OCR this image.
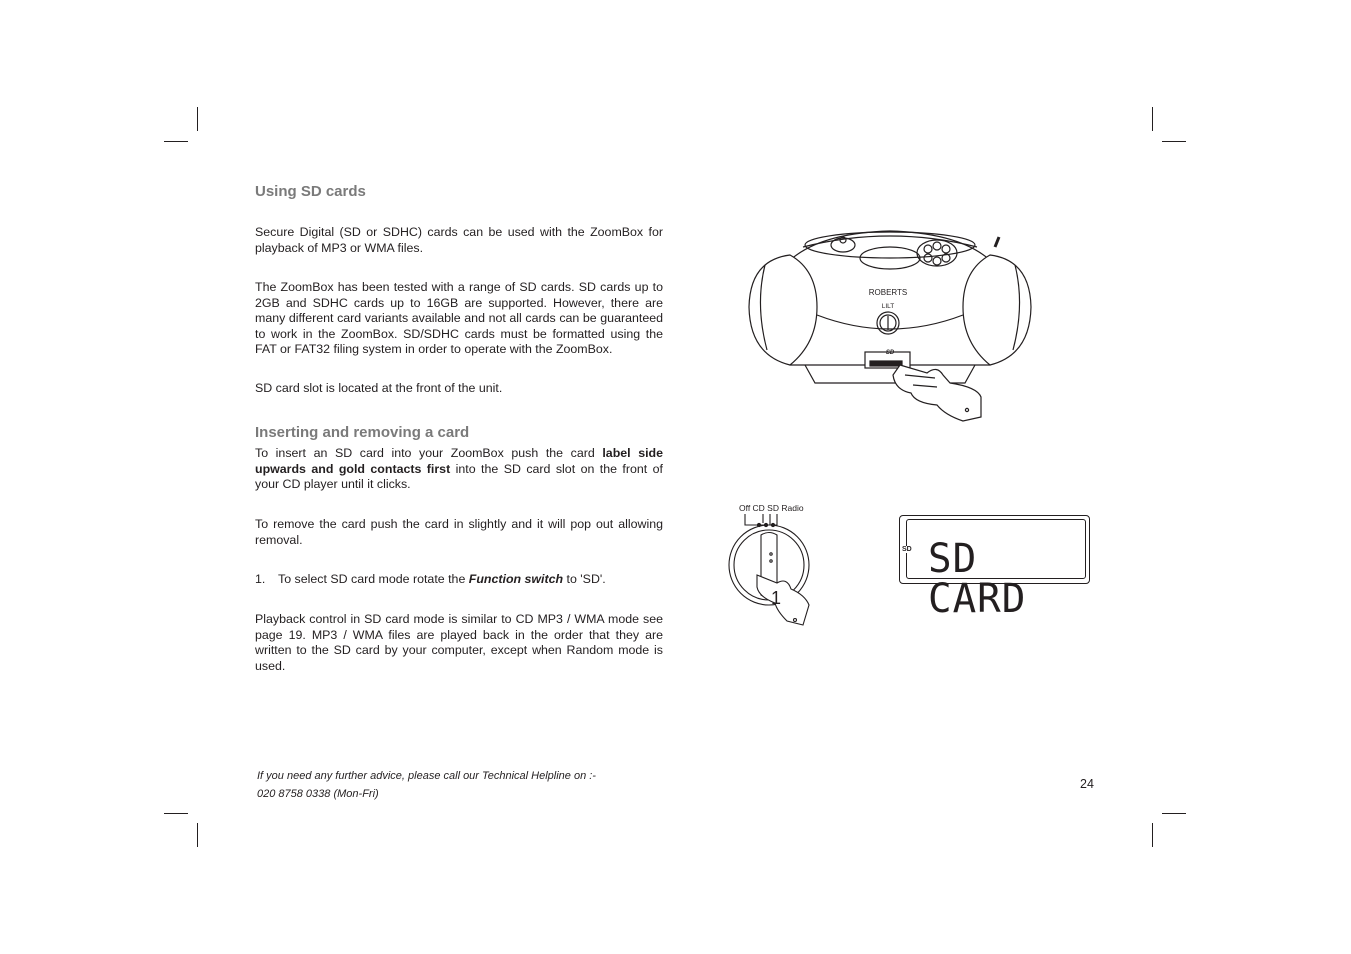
Using SD cards

Secure Digital (SD or SDHC) cards can be used with the ZoomBox for playback of MP3 or WMA files.

The ZoomBox has been tested with a range of SD cards. SD cards up to 2GB and SDHC cards up to 16GB are supported. However, there are many different card variants available and not all cards can be guaranteed to work in the ZoomBox. SD/SDHC cards must be formatted using the FAT or FAT32 filing system in order to operate with the ZoomBox.

SD card slot is located at the front of the unit.

Inserting and removing a card

To insert an SD card into your ZoomBox push the card label side upwards and gold contacts first into the SD card slot on the front of your CD player until it clicks.

To remove the card push the card in slightly and it will pop out allowing removal.

1. To select SD card mode rotate the Function switch to 'SD'.

Playback control in SD card mode is similar to CD MP3 / WMA mode see page 19. MP3 / WMA files are played back in the order that they are written to the SD card by your computer, except when Random mode is used.

ROBERTS
LILT
SD
Off CD SD Radio
1
SD SD CARD
If you need any further advice, please call our Technical Helpline on :-
020 8758 0338 (Mon-Fri)
24
